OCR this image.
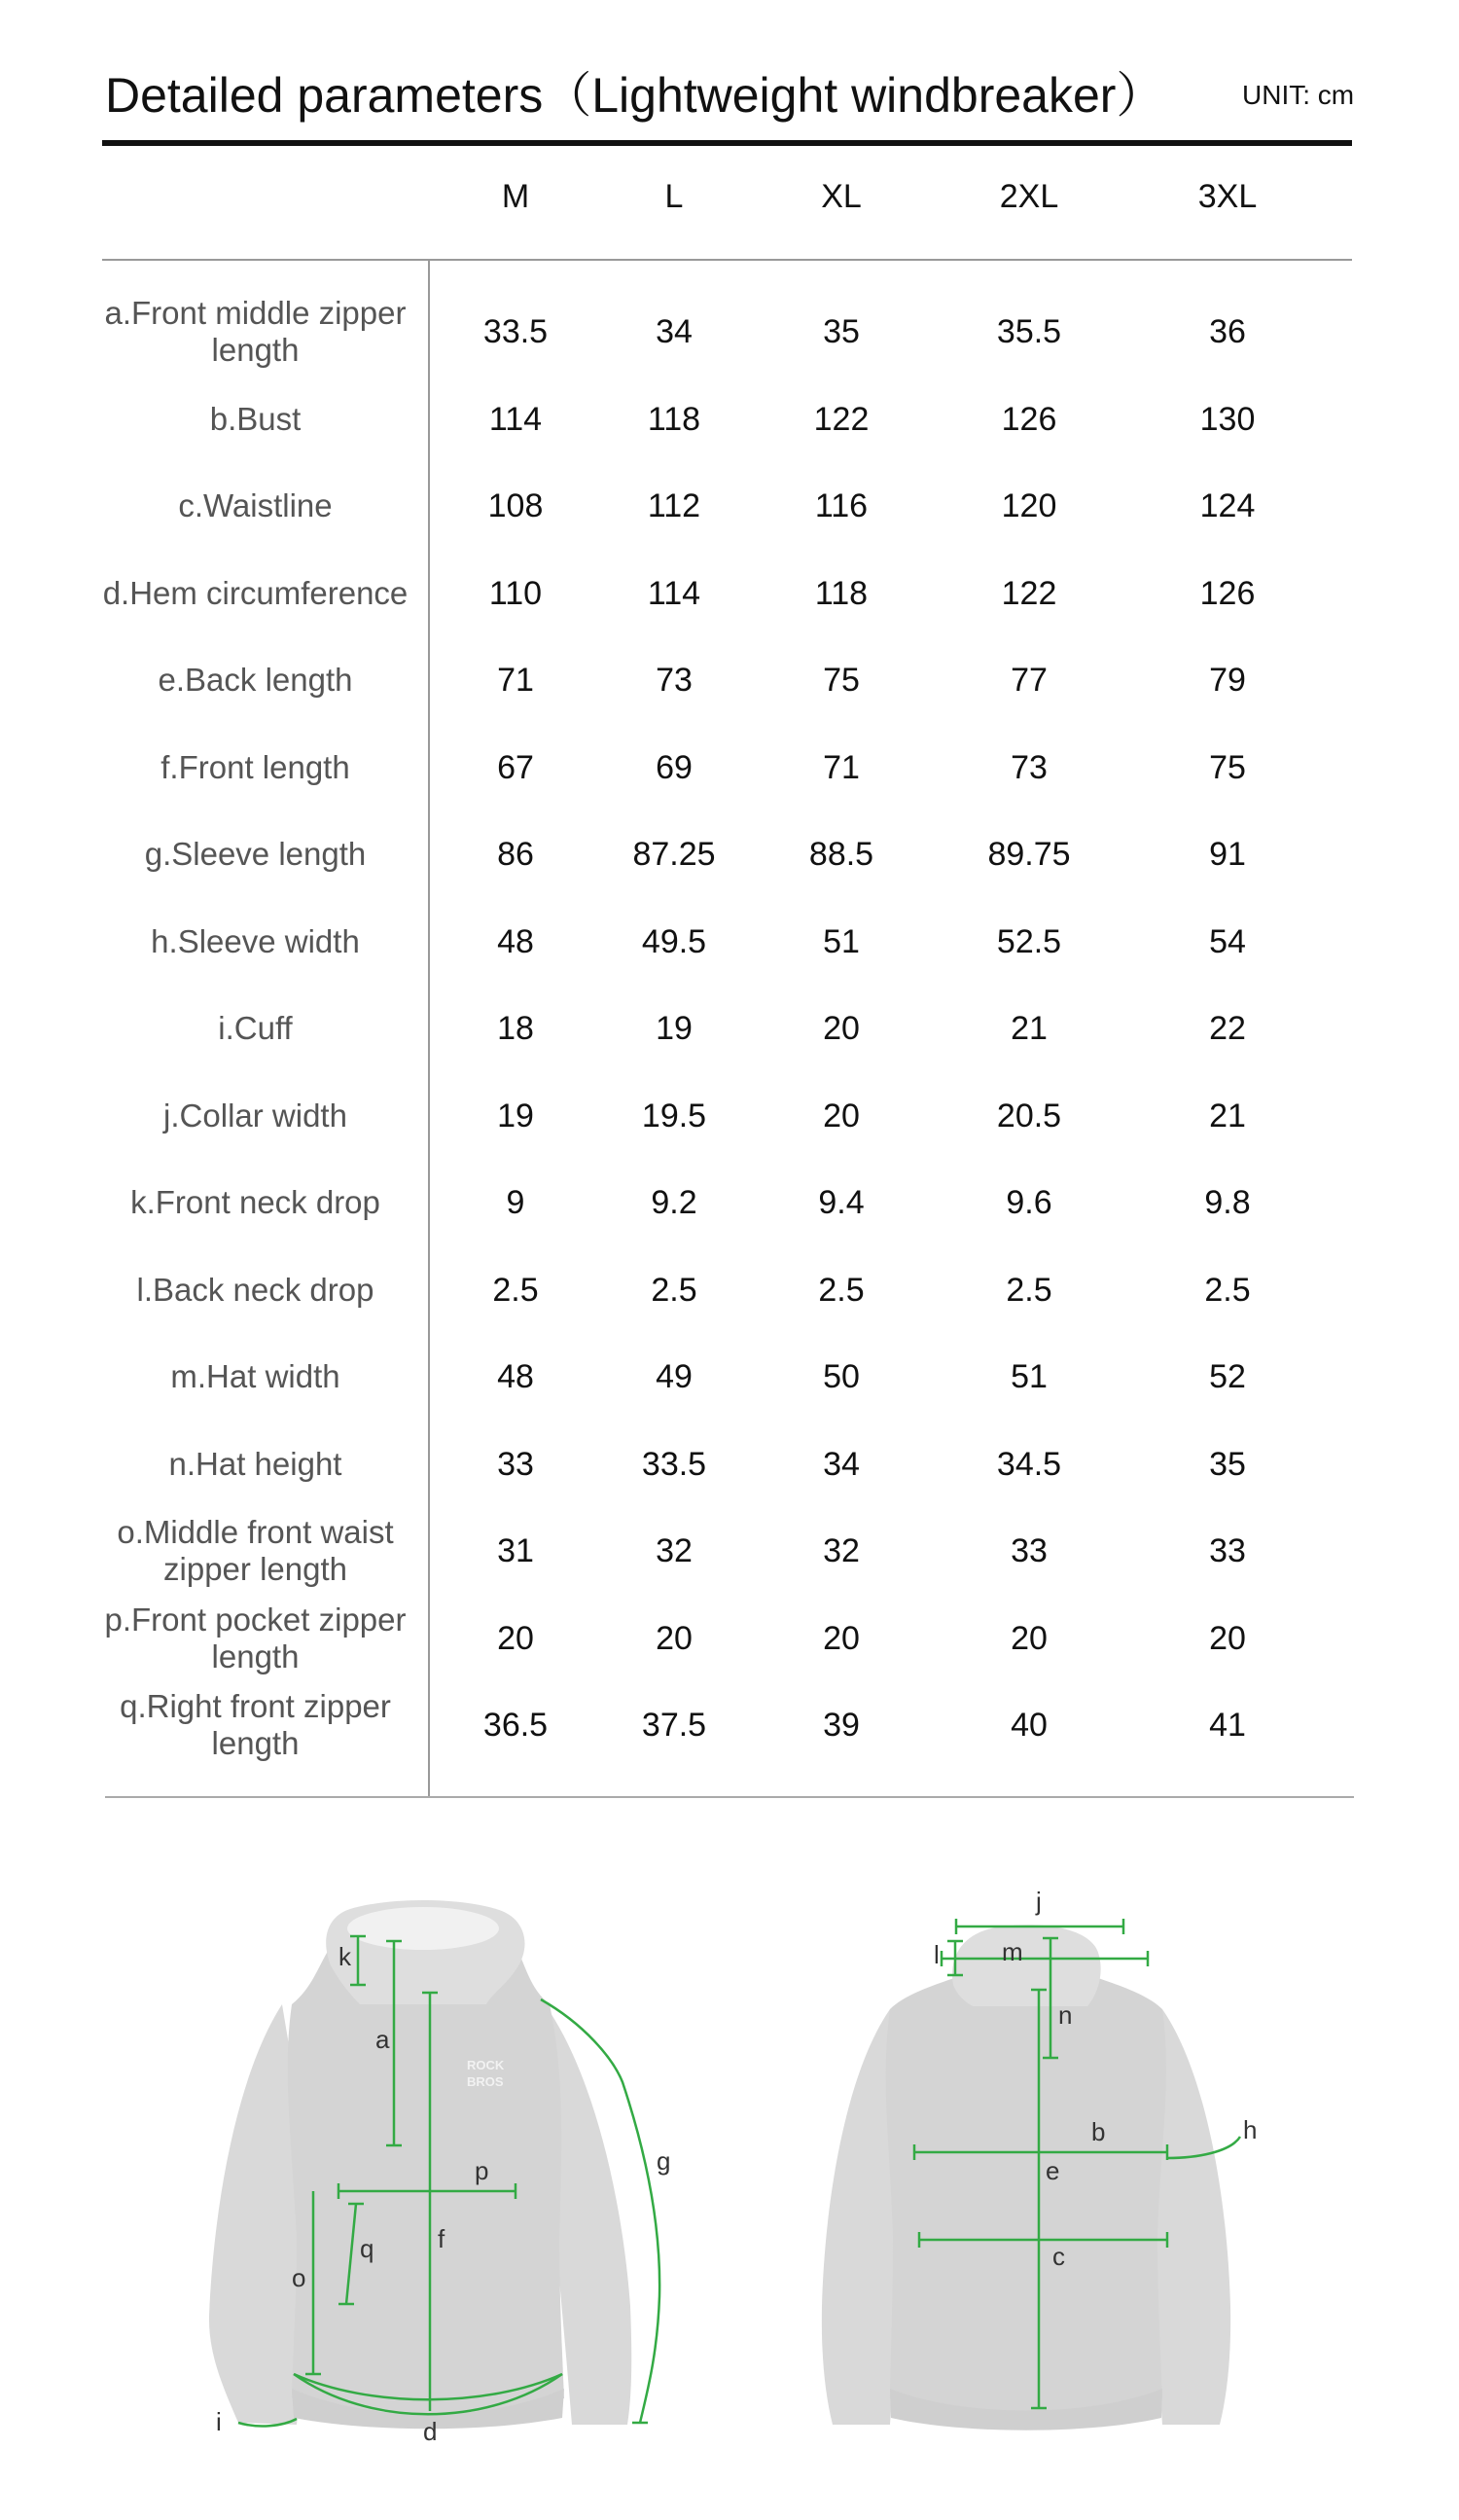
Detailed parameters（Lightweight windbreaker）	UNIT: cm
M	L	XL	2XL	3XL
a.Front middle zipper length	33.5	34	35	35.5	36
b.Bust	114	118	122	126	130
c.Waistline	108	112	116	120	124
d.Hem circumference	110	114	118	122	126
e.Back length	71	73	75	77	79
f.Front length	67	69	71	73	75
g.Sleeve length	86	87.25	88.5	89.75	91
h.Sleeve width	48	49.5	51	52.5	54
i.Cuff	18	19	20	21	22
j.Collar width	19	19.5	20	20.5	21
k.Front neck drop	9	9.2	9.4	9.6	9.8
l.Back neck drop	2.5	2.5	2.5	2.5	2.5
m.Hat width	48	49	50	51	52
n.Hat height	33	33.5	34	34.5	35
o.Middle front waist zipper length	31	32	32	33	33
p.Front pocket zipper length	20	20	20	20	20
q.Right front zipper length	36.5	37.5	39	40	41
ROCK
BROS
k
a
p	g
q	f
o
i	d
j
l m
n
b	h
e
c
